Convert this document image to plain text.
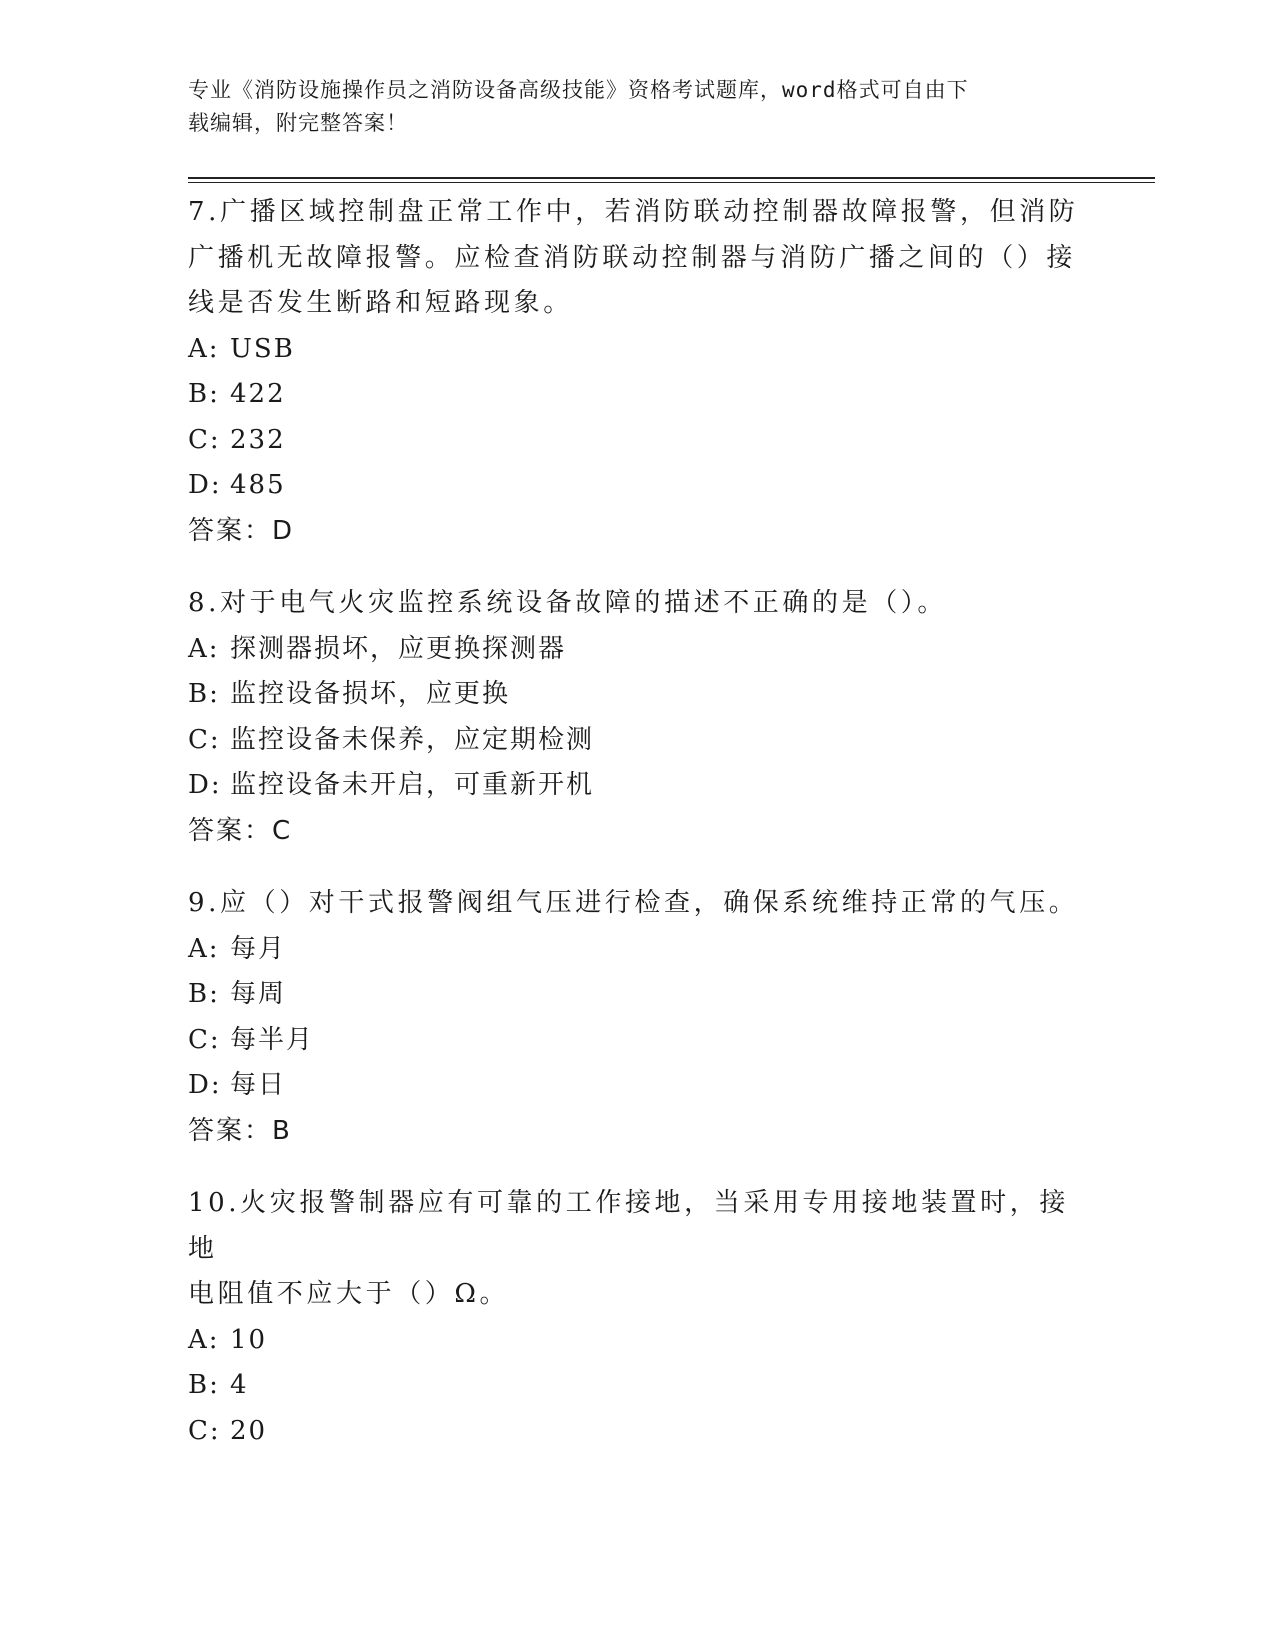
专业《消防设施操作员之消防设备高级技能》资格考试题库，word格式可自由下
载编辑，附完整答案！
7.广播区域控制盘正常工作中，若消防联动控制器故障报警，但消防
广播机无故障报警。应检查消防联动控制器与消防广播之间的（）接
线是否发生断路和短路现象。
A: USB
B: 422
C: 232
D: 485
答案：D
8.对于电气火灾监控系统设备故障的描述不正确的是（）。
A: 探测器损坏，应更换探测器
B: 监控设备损坏，应更换
C: 监控设备未保养，应定期检测
D: 监控设备未开启，可重新开机
答案：C
9.应（）对干式报警阀组气压进行检查，确保系统维持正常的气压。
A: 每月
B: 每周
C: 每半月
D: 每日
答案：B
10.火灾报警制器应有可靠的工作接地，当采用专用接地装置时，接地
电阻值不应大于（）Ω。
A: 10
B: 4
C: 20
